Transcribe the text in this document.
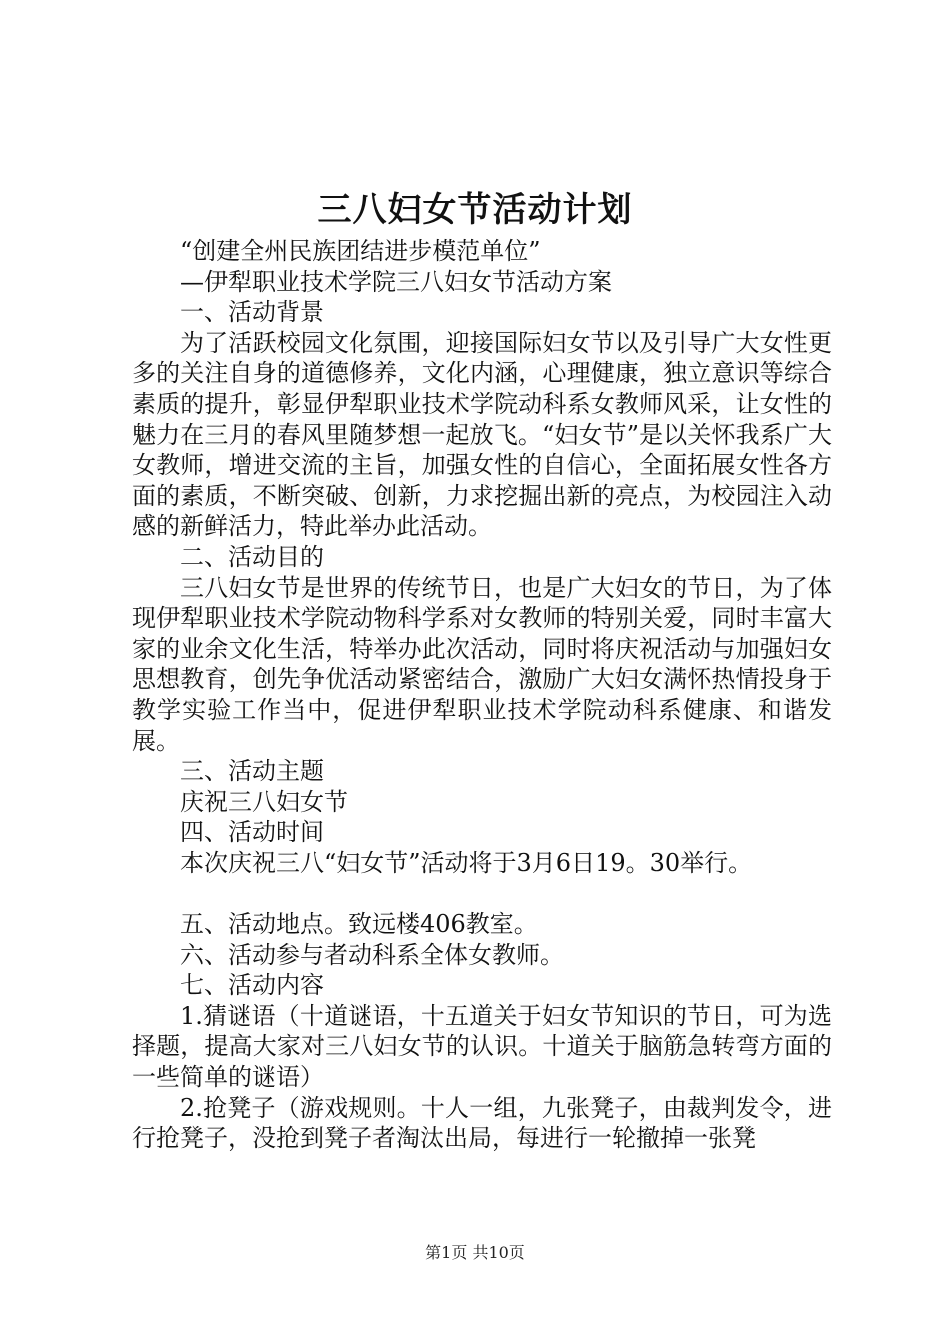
三八妇女节活动计划
“创建全州民族团结进步模范单位”
—伊犁职业技术学院三八妇女节活动方案
一、活动背景
为了活跃校园文化氛围，迎接国际妇女节以及引导广大女性更多的关注自身的道德修养，文化内涵，心理健康，独立意识等综合素质的提升，彰显伊犁职业技术学院动科系女教师风采，让女性的魅力在三月的春风里随梦想一起放飞。“妇女节”是以关怀我系广大女教师，增进交流的主旨，加强女性的自信心，全面拓展女性各方面的素质，不断突破、创新，力求挖掘出新的亮点，为校园注入动感的新鲜活力，特此举办此活动。
二、活动目的
三八妇女节是世界的传统节日，也是广大妇女的节日，为了体现伊犁职业技术学院动物科学系对女教师的特别关爱，同时丰富大家的业余文化生活，特举办此次活动，同时将庆祝活动与加强妇女思想教育，创先争优活动紧密结合，激励广大妇女满怀热情投身于教学实验工作当中，促进伊犁职业技术学院动科系健康、和谐发展。
三、活动主题
庆祝三八妇女节
四、活动时间
本次庆祝三八“妇女节”活动将于3月6日19。30举行。
五、活动地点。致远楼406教室。
六、活动参与者动科系全体女教师。
七、活动内容
1.猜谜语（十道谜语，十五道关于妇女节知识的节日，可为选择题，提高大家对三八妇女节的认识。十道关于脑筋急转弯方面的一些简单的谜语）
2.抢凳子（游戏规则。十人一组，九张凳子，由裁判发令，进行抢凳子，没抢到凳子者淘汰出局，每进行一轮撤掉一张凳
第1页 共10页
